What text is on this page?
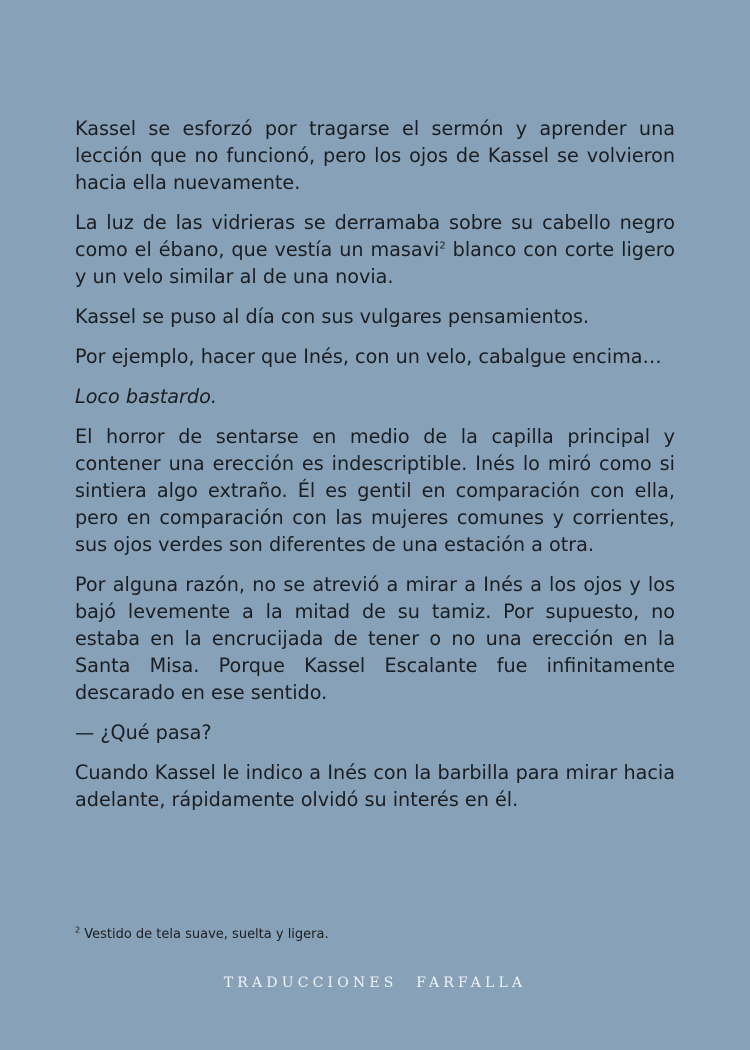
Kassel se esforzó por tragarse el sermón y aprender una lección que no funcionó, pero los ojos de Kassel se volvieron hacia ella nuevamente.

La luz de las vidrieras se derramaba sobre su cabello negro como el ébano, que vestía un masavi$^2$ blanco con corte ligero y un velo similar al de una novia.

Kassel se puso al día con sus vulgares pensamientos.

Por ejemplo, hacer que Inés, con un velo, cabalgue encima…

Loco bastardo.

El horror de sentarse en medio de la capilla principal y contener una erección es indescriptible. Inés lo miró como si sintiera algo extraño. Él es gentil en comparación con ella, pero en comparación con las mujeres comunes y corrientes, sus ojos verdes son diferentes de una estación a otra.

Por alguna razón, no se atrevió a mirar a Inés a los ojos y los bajó levemente a la mitad de su tamiz. Por supuesto, no estaba en la encrucijada de tener o no una erección en la Santa Misa. Porque Kassel Escalante fue infinitamente descarado en ese sentido.

— ¿Qué pasa?

Cuando Kassel le indico a Inés con la barbilla para mirar hacia adelante, rápidamente olvidó su interés en él.

$^2$ Vestido de tela suave, suelta y ligera.
TRADUCCIONES FARFALLA
